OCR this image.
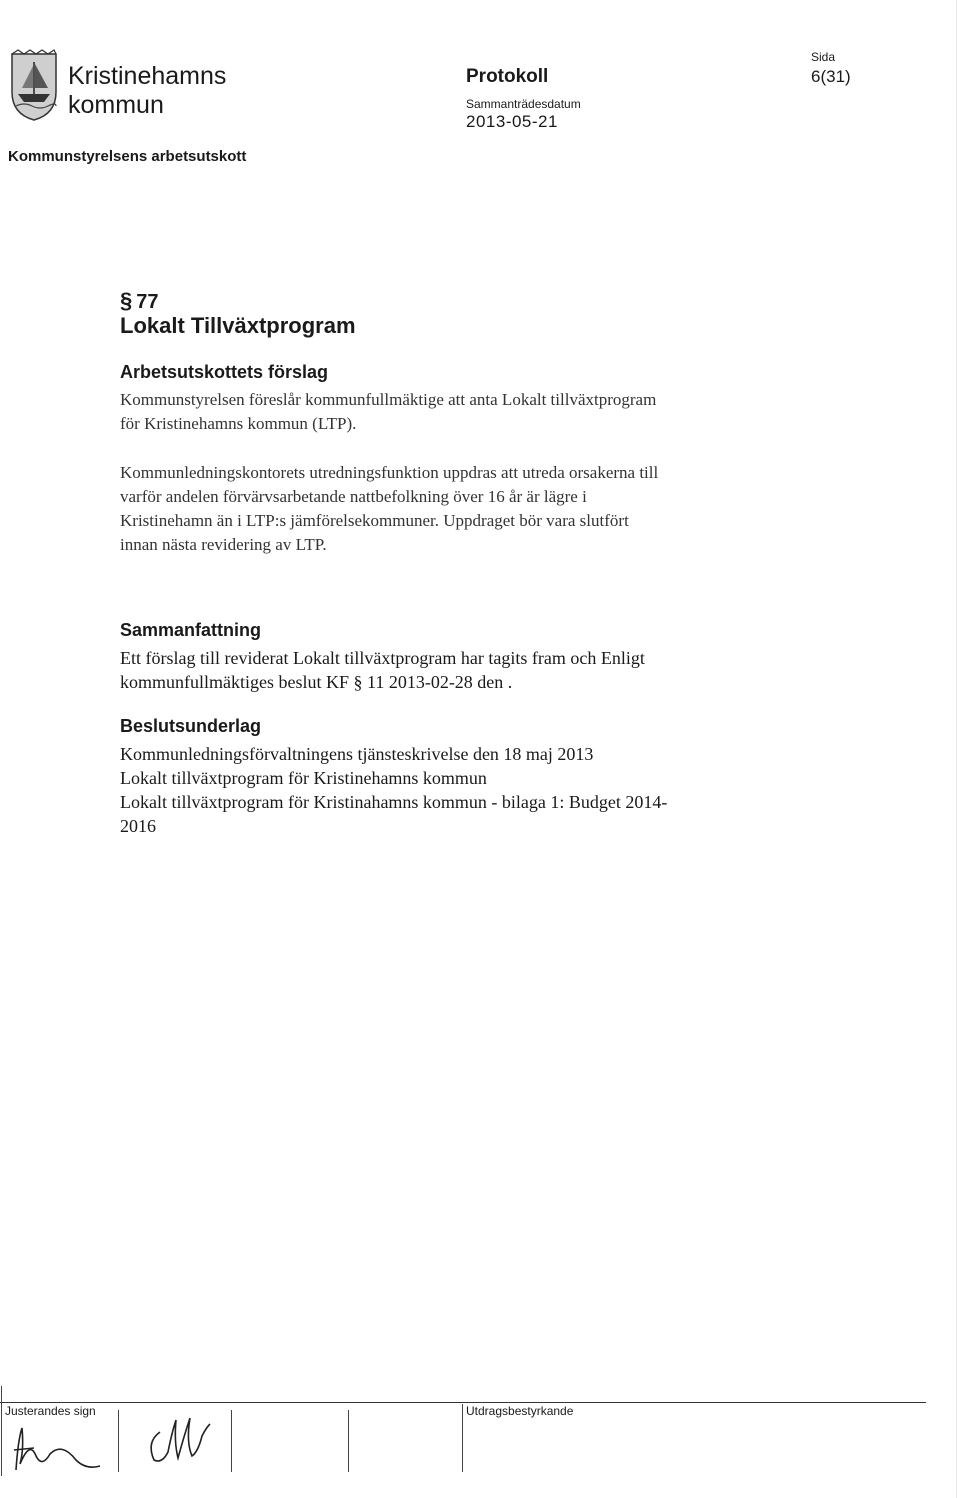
Kristinehamns
kommun
Kommunstyrelsens arbetsutskott
Protokoll
Sammanträdesdatum
2013-05-21
Sida
6(31)
§ 77
Lokalt Tillväxtprogram
Arbetsutskottets förslag

Kommunstyrelsen föreslår kommunfullmäktige att anta Lokalt tillväxtprogram
för Kristinehamns kommun (LTP).

Kommunledningskontorets utredningsfunktion uppdras att utreda orsakerna till
varför andelen förvärvsarbetande nattbefolkning över 16 år är lägre i
Kristinehamn än i LTP:s jämförelsekommuner. Uppdraget bör vara slutfört
innan nästa revidering av LTP.

Sammanfattning

Ett förslag till reviderat Lokalt tillväxtprogram har tagits fram och Enligt
kommunfullmäktiges beslut KF § 11 2013-02-28 den .

Beslutsunderlag

Kommunledningsförvaltningens tjänsteskrivelse den 18 maj 2013
Lokalt tillväxtprogram för Kristinehamns kommun
Lokalt tillväxtprogram för Kristinahamns kommun - bilaga 1: Budget 2014-
2016

Justerandes sign	Utdragsbestyrkande
